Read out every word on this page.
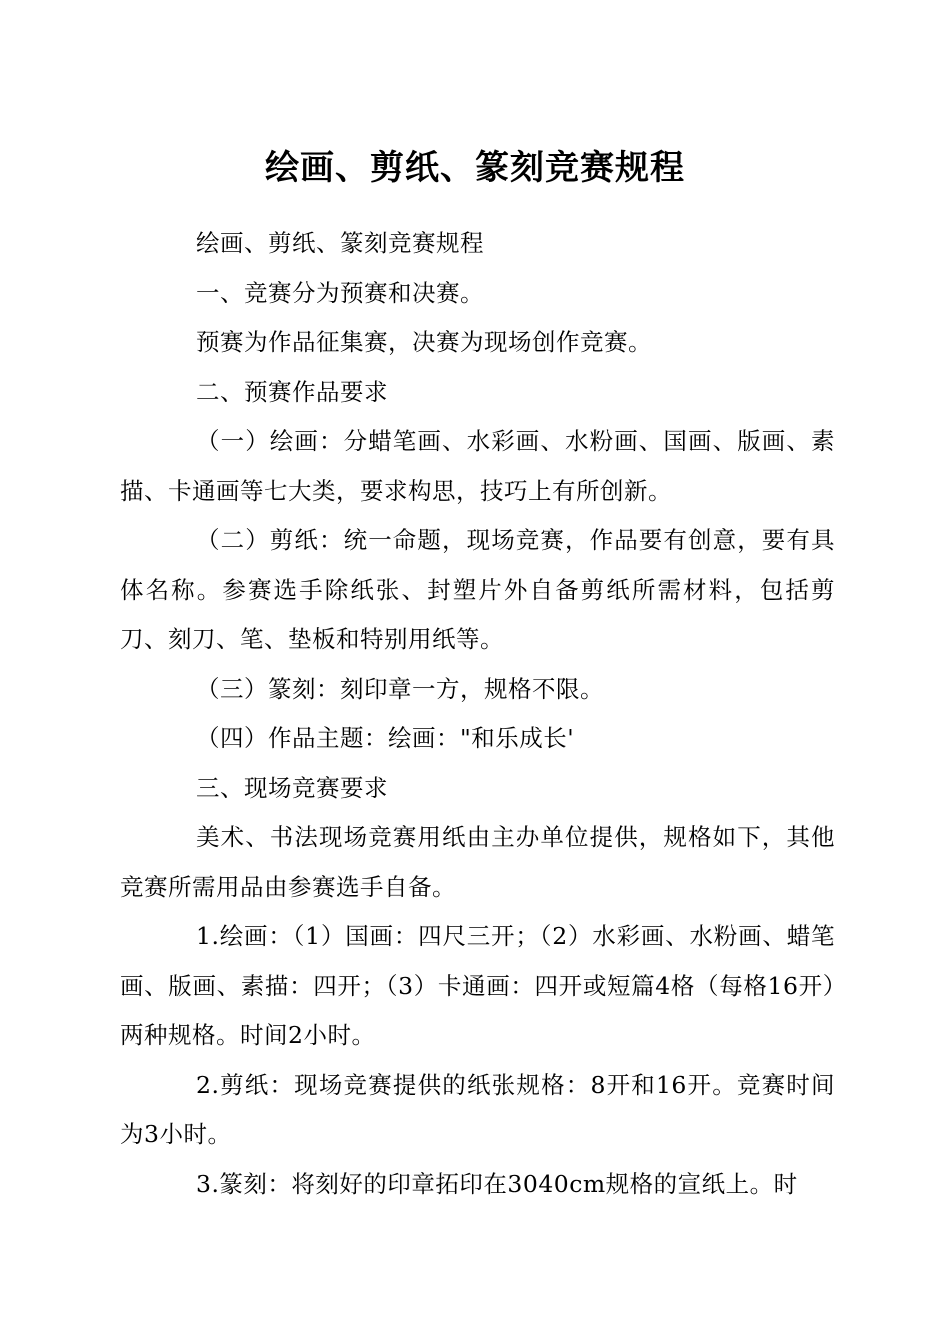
绘画、剪纸、篆刻竞赛规程

绘画、剪纸、篆刻竞赛规程

一、竞赛分为预赛和决赛。

预赛为作品征集赛，决赛为现场创作竞赛。

二、预赛作品要求

（一）绘画：分蜡笔画、水彩画、水粉画、国画、版画、素描、卡通画等七大类，要求构思，技巧上有所创新。

（二）剪纸：统一命题，现场竞赛，作品要有创意，要有具体名称。参赛选手除纸张、封塑片外自备剪纸所需材料，包括剪刀、刻刀、笔、垫板和特别用纸等。

（三）篆刻：刻印章一方，规格不限。

（四）作品主题：绘画："和乐成长'

三、现场竞赛要求

美术、书法现场竞赛用纸由主办单位提供，规格如下，其他竞赛所需用品由参赛选手自备。

1.绘画：（1）国画：四尺三开；（2）水彩画、水粉画、蜡笔画、版画、素描：四开；（3）卡通画：四开或短篇4格（每格16开）两种规格。时间2小时。

2.剪纸：现场竞赛提供的纸张规格：8开和16开。竞赛时间为3小时。

3.篆刻：将刻好的印章拓印在3040cm规格的宣纸上。时
